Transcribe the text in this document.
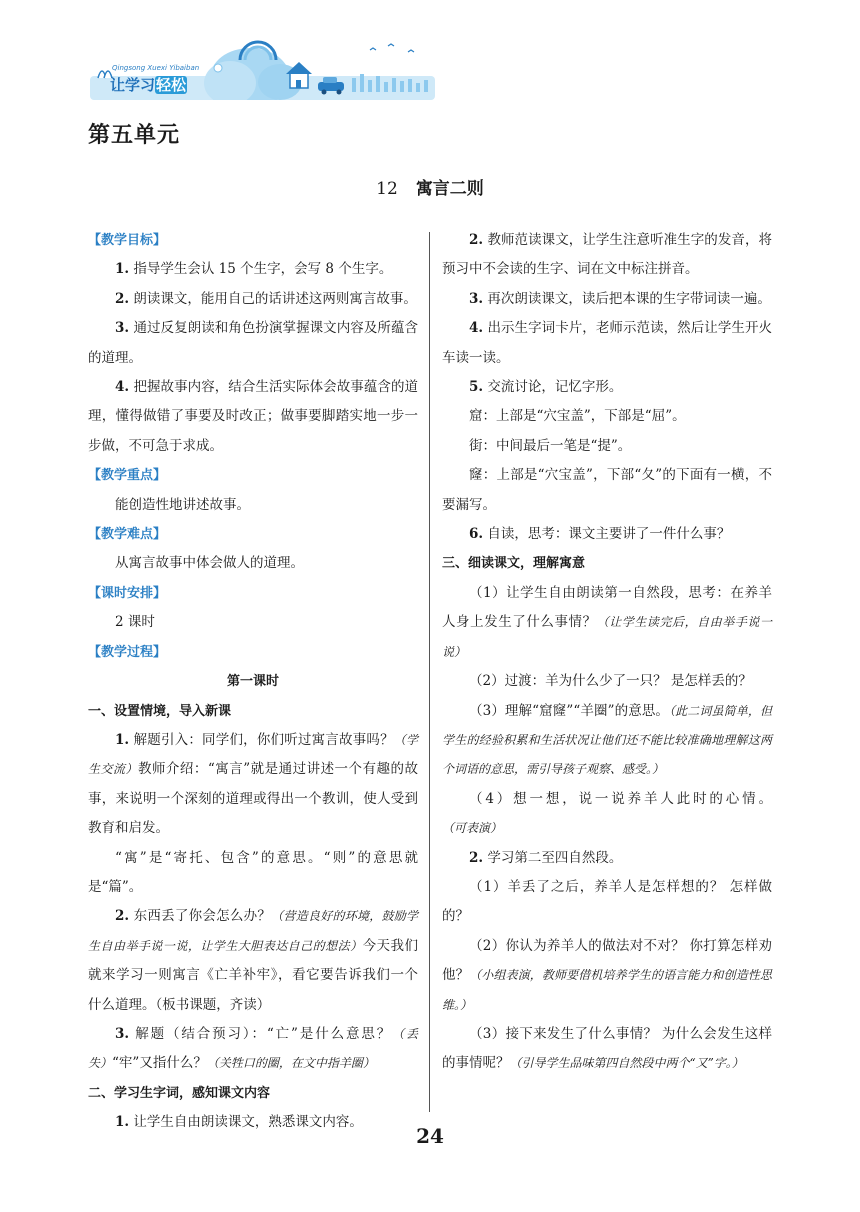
Qingsong Xuexi Yibaiban
让学习轻松
第五单元
12 寓言二则

【教学目标】

1. 指导学生会认 15 个生字，会写 8 个生字。

2. 朗读课文，能用自己的话讲述这两则寓言故事。

3. 通过反复朗读和角色扮演掌握课文内容及所蕴含的道理。

4. 把握故事内容，结合生活实际体会故事蕴含的道理，懂得做错了事要及时改正；做事要脚踏实地一步一步做，不可急于求成。

【教学重点】

能创造性地讲述故事。

【教学难点】

从寓言故事中体会做人的道理。

【课时安排】

2 课时

【教学过程】

第一课时

一、设置情境，导入新课

1. 解题引入：同学们，你们听过寓言故事吗？（学生交流）教师介绍：“寓言”就是通过讲述一个有趣的故事，来说明一个深刻的道理或得出一个教训，使人受到教育和启发。

“寓”是“寄托、包含”的意思。“则”的意思就是“篇”。

2. 东西丢了你会怎么办？（营造良好的环境，鼓励学生自由举手说一说，让学生大胆表达自己的想法）今天我们就来学习一则寓言《亡羊补牢》，看它要告诉我们一个什么道理。（板书课题，齐读）

3. 解题（结合预习）：“亡”是什么意思？（丢失）“牢”又指什么？（关牲口的圈，在文中指羊圈）

二、学习生字词，感知课文内容

1. 让学生自由朗读课文，熟悉课文内容。

2. 教师范读课文，让学生注意听准生字的发音，将预习中不会读的生字、词在文中标注拼音。

3. 再次朗读课文，读后把本课的生字带词读一遍。

4. 出示生字词卡片，老师示范读，然后让学生开火车读一读。

5. 交流讨论，记忆字形。

窟：上部是“穴宝盖”，下部是“屈”。

街：中间最后一笔是“提”。

窿：上部是“穴宝盖”，下部“夂”的下面有一横，不要漏写。

6. 自读，思考：课文主要讲了一件什么事？

三、细读课文，理解寓意

（1）让学生自由朗读第一自然段，思考：在养羊人身上发生了什么事情？（让学生读完后，自由举手说一说）

（2）过渡：羊为什么少了一只？ 是怎样丢的？

（3）理解“窟窿”“羊圈”的意思。（此二词虽简单，但学生的经验积累和生活状况让他们还不能比较准确地理解这两个词语的意思，需引导孩子观察、感受。）

（4）想一想，说一说养羊人此时的心情。（可表演）

2. 学习第二至四自然段。

（1）羊丢了之后，养羊人是怎样想的？ 怎样做的？

（2）你认为养羊人的做法对不对？ 你打算怎样劝他？（小组表演，教师要借机培养学生的语言能力和创造性思维。）

（3）接下来发生了什么事情？ 为什么会发生这样的事情呢？（引导学生品味第四自然段中两个“又”字。）

24
